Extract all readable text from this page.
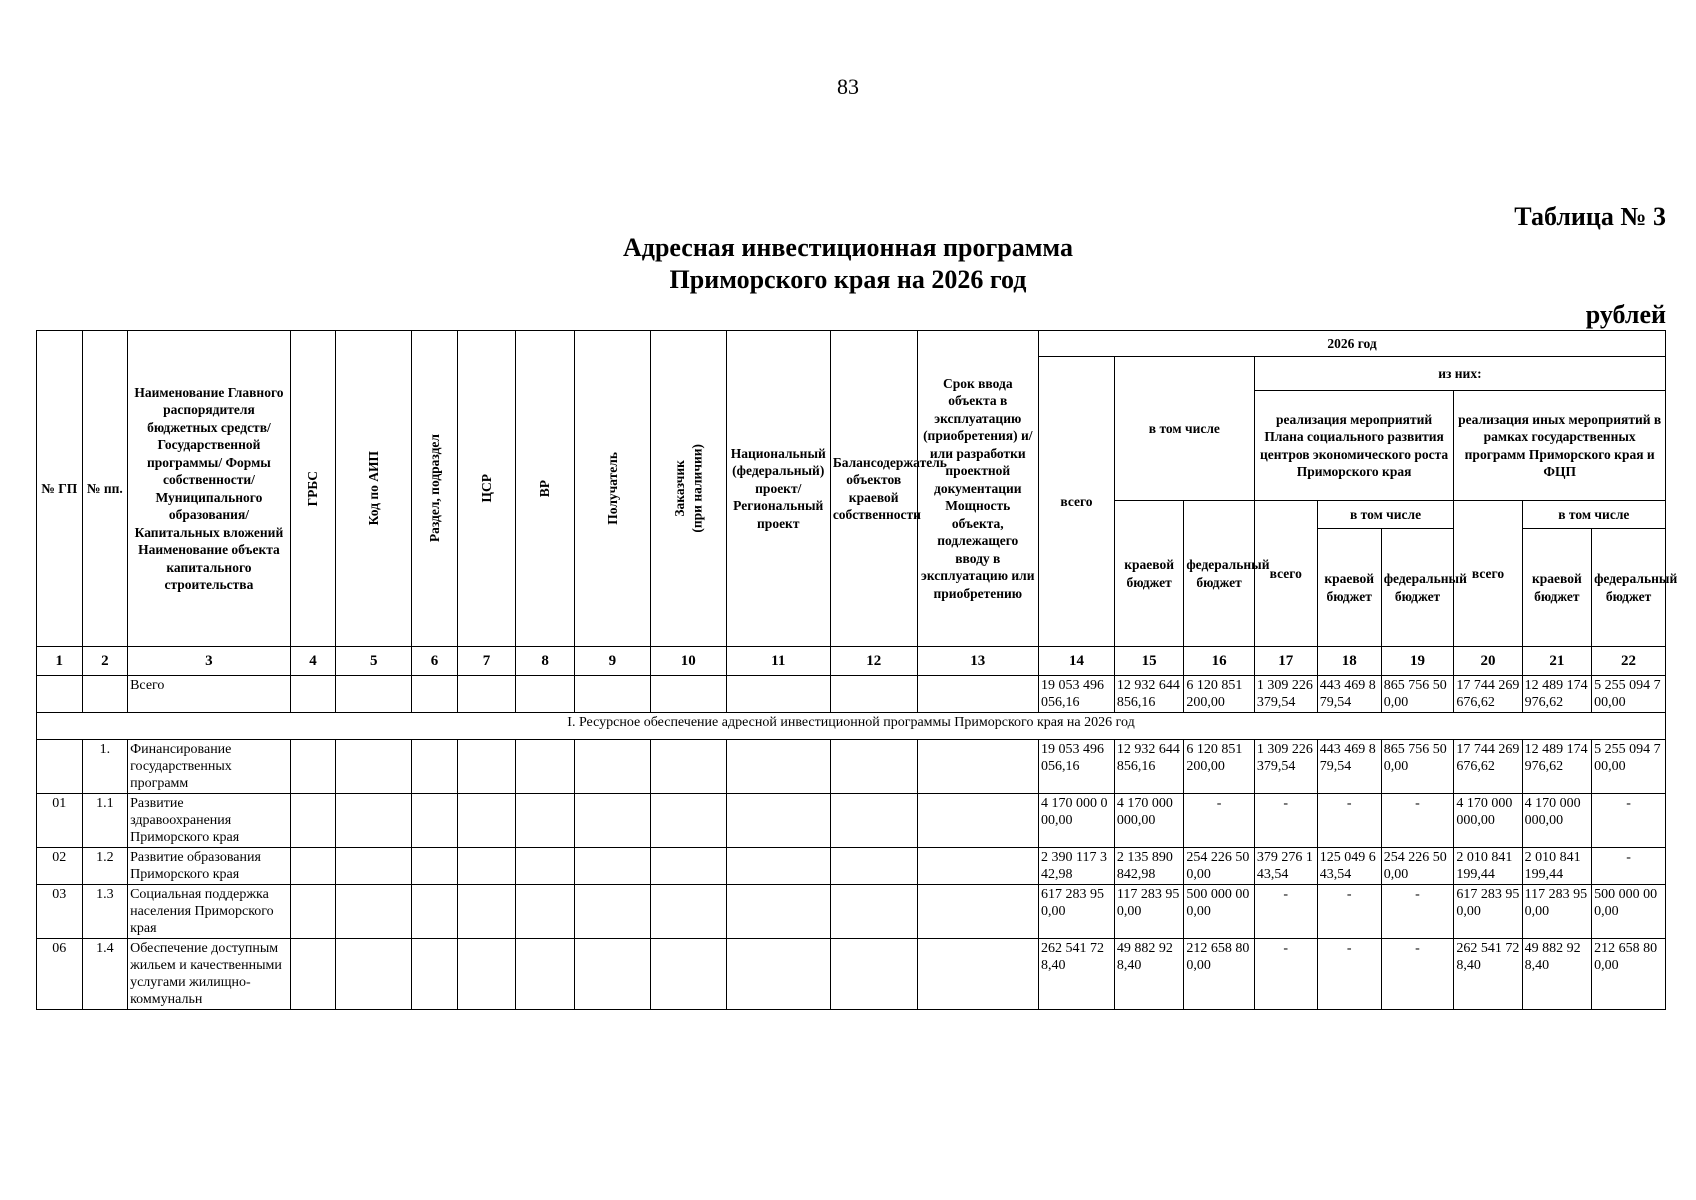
83
Таблица № 3
Адресная инвестиционная программа
Приморского края на 2026 год
рублей
№ ГП	№ пп.	Наименование Главного распорядителя бюджетных средств/Государственной программы/ Формы собственности/Муниципального образования/Капитальных вложений Наименование объекта капитального строительства	ГРБС	Код по АИП	Раздел, подраздел	ЦСР	ВР	Получатель	Заказчик (при наличии)	Национальный (федеральный) проект/ Региональный проект	Балансодержатель объектов краевой собственности	Срок ввода объекта в эксплуатацию (приобретения) и/или разработки проектной документации Мощность объекта, подлежащего вводу в эксплуатацию или приобретению	2026 год								
													всего	в том числе		из них:					
																реализация мероприятий Плана социального развития центров экономического роста Приморского края			реализация иных мероприятий в рамках государственных программ Приморского края и ФЦП		
														краевой бюджет	федеральный бюджет	всего	в том числе		всего	в том числе	
																	краевой бюджет	федеральный бюджет		краевой бюджет	федеральный бюджет
1	2	3	4	5	6	7	8	9	10	11	12	13	14	15	16	17	18	19	20	21	22
		Всего											19 053 496 056,16	12 932 644 856,16	6 120 851 200,00	1 309 226 379,54	443 469 879,54	865 756 500,00	17 744 269 676,62	12 489 174 976,62	5 255 094 700,00
I. Ресурсное обеспечение адресной инвестиционной программы Приморского края на 2026 год																					
	1.	Финансирование государственных программ											19 053 496 056,16	12 932 644 856,16	6 120 851 200,00	1 309 226 379,54	443 469 879,54	865 756 500,00	17 744 269 676,62	12 489 174 976,62	5 255 094 700,00
01	1.1	Развитие здравоохранения Приморского края											4 170 000 000,00	4 170 000 000,00	-	-	-	-	4 170 000 000,00	4 170 000 000,00	-
02	1.2	Развитие образования Приморского края											2 390 117 342,98	2 135 890 842,98	254 226 500,00	379 276 143,54	125 049 643,54	254 226 500,00	2 010 841 199,44	2 010 841 199,44	-
03	1.3	Социальная поддержка населения Приморского края											617 283 950,00	117 283 950,00	500 000 000,00	-	-	-	617 283 950,00	117 283 950,00	500 000 000,00
06	1.4	Обеспечение доступным жильем и качественными услугами жилищно-коммунальн											262 541 728,40	49 882 928,40	212 658 800,00	-	-	-	262 541 728,40	49 882 928,40	212 658 800,00
